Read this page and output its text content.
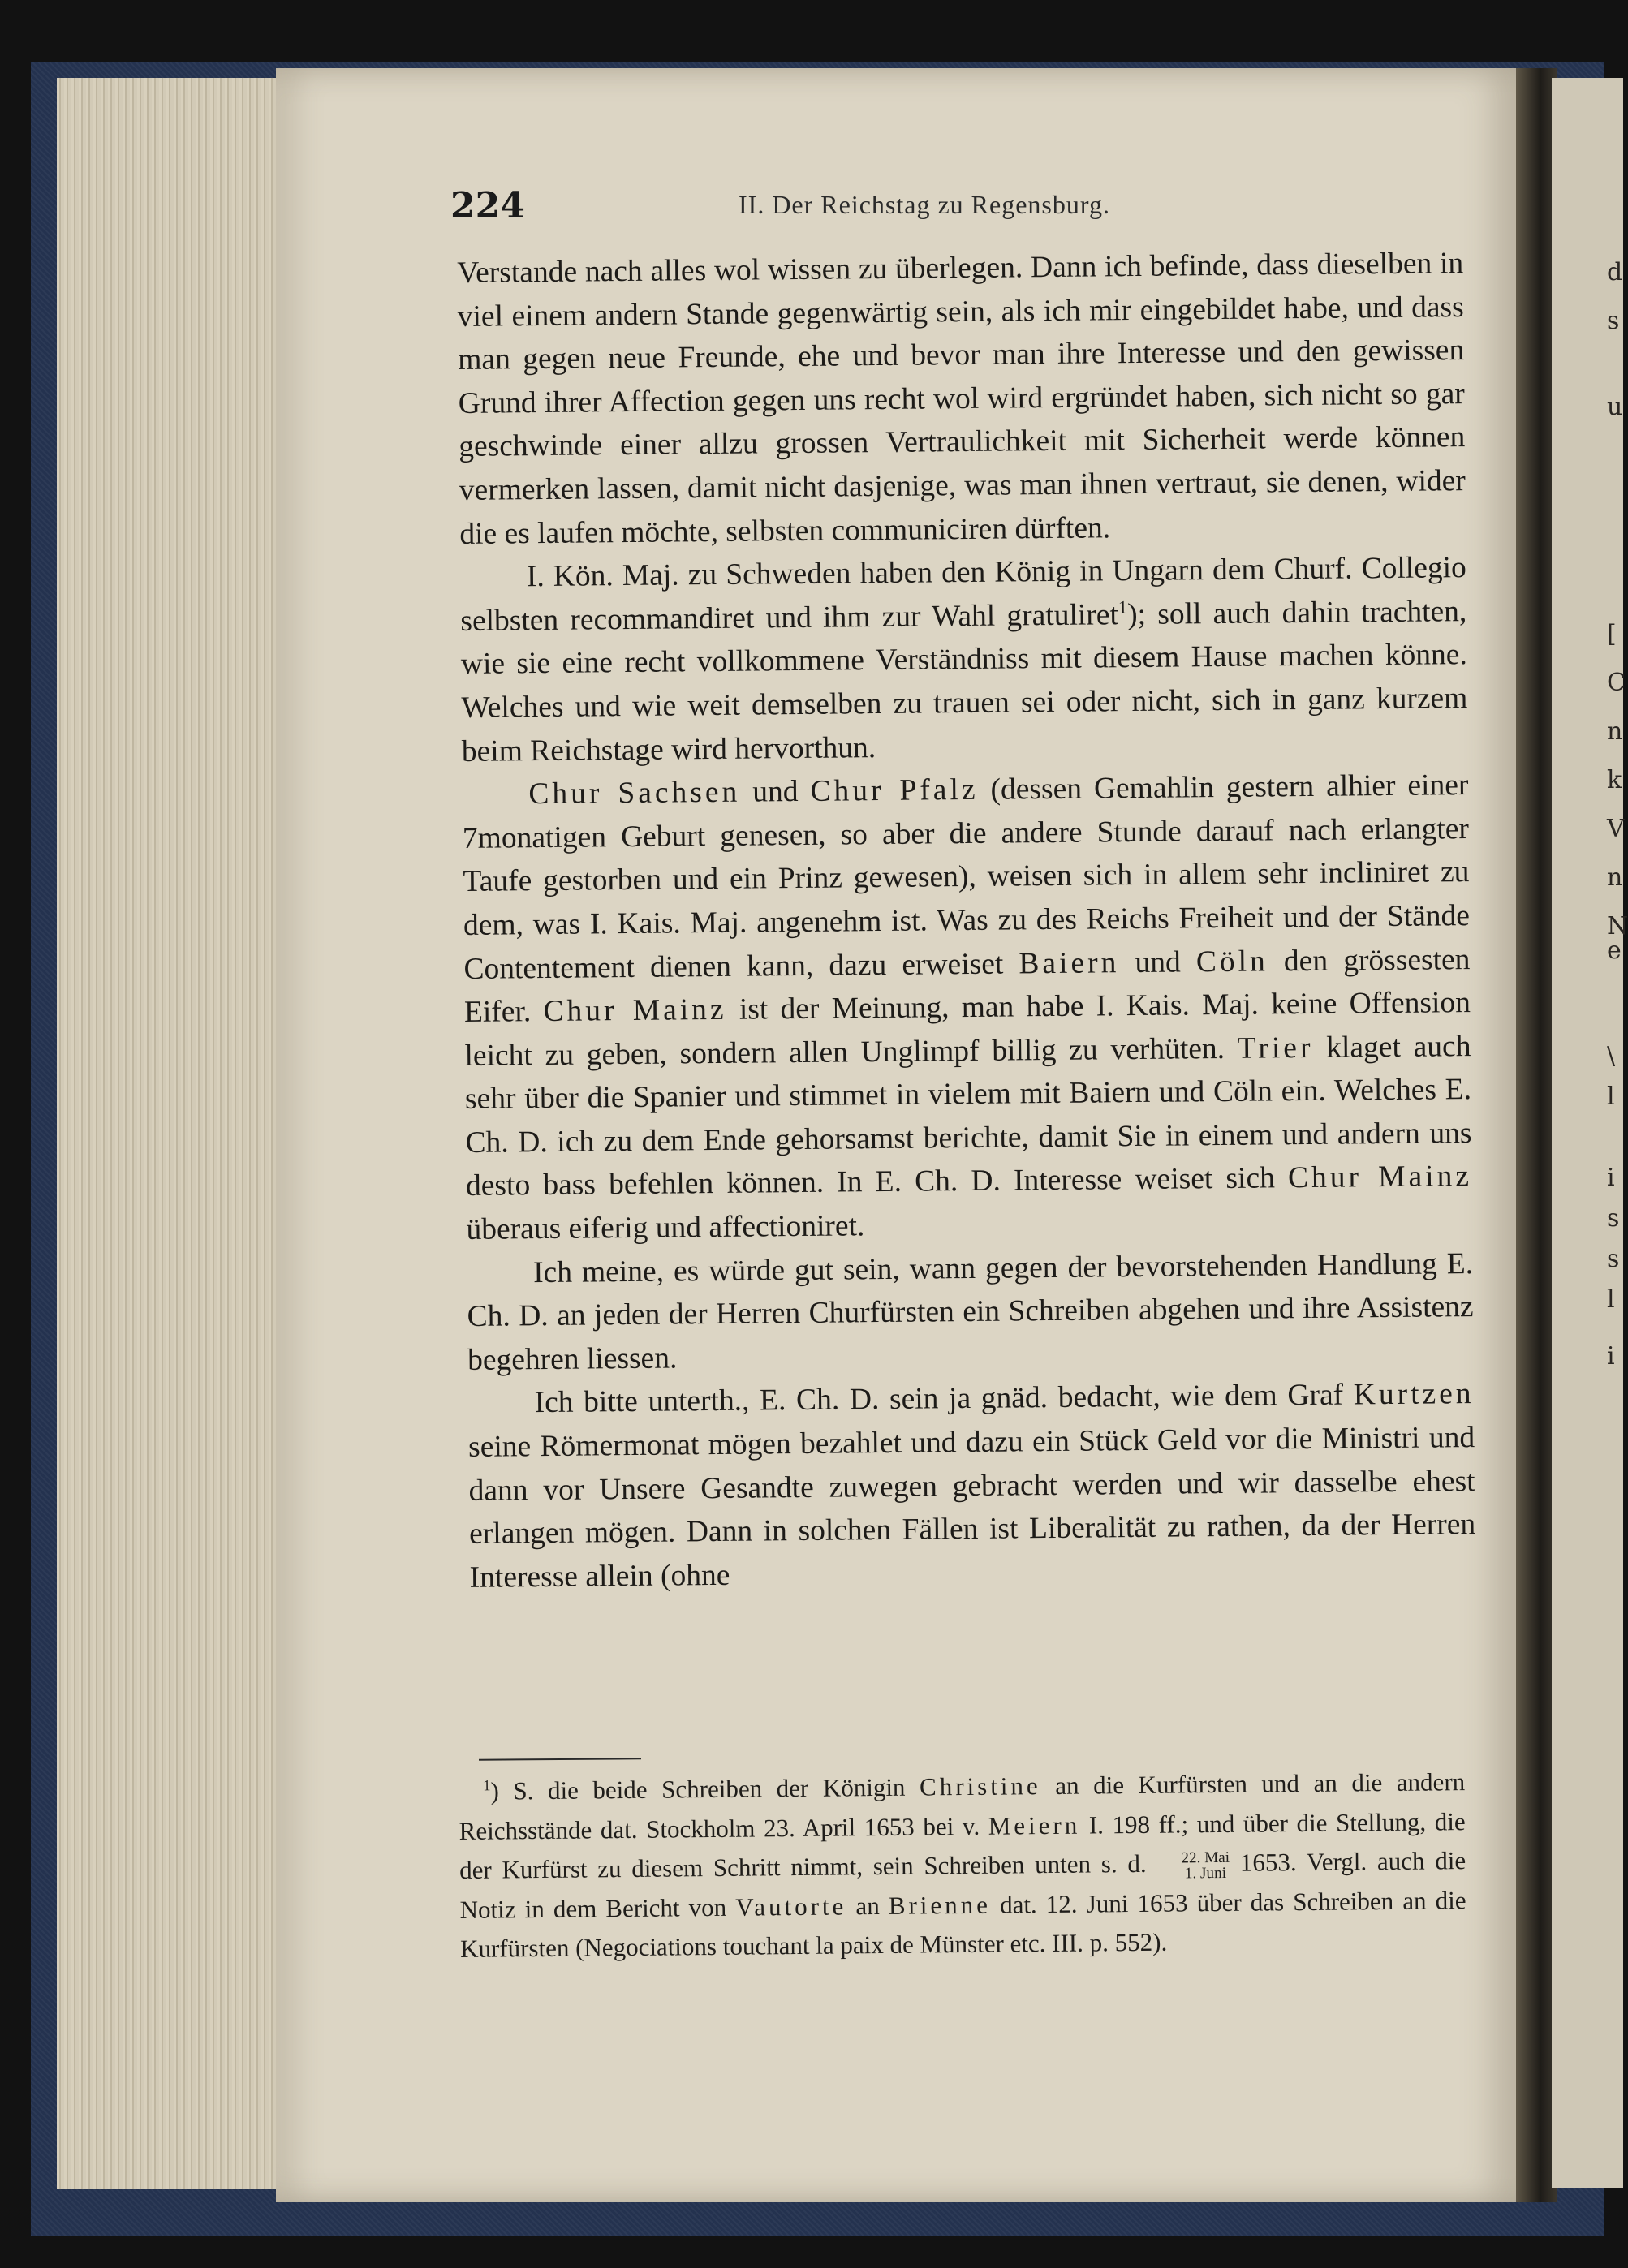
d
s
u
[
C
n
k
V
n
N
e
\
l
i
s
s
l
i
224	II. Der Reichstag zu Regensburg.

Verstande nach alles wol wissen zu überlegen. Dann ich befinde, dass dieselben in viel einem andern Stande gegenwärtig sein, als ich mir eingebildet habe, und dass man gegen neue Freunde, ehe und bevor man ihre Interesse und den gewissen Grund ihrer Affection gegen uns recht wol wird ergründet haben, sich nicht so gar geschwinde einer allzu grossen Vertraulichkeit mit Sicherheit werde können vermerken lassen, damit nicht dasjenige, was man ihnen vertraut, sie denen, wider die es laufen möchte, selbsten communiciren dürften.

I. Kön. Maj. zu Schweden haben den König in Ungarn dem Churf. Collegio selbsten recommandiret und ihm zur Wahl gratuliret$^1$); soll auch dahin trachten, wie sie eine recht vollkommene Verständniss mit diesem Hause machen könne. Welches und wie weit demselben zu trauen sei oder nicht, sich in ganz kurzem beim Reichstage wird hervorthun.

Chur Sachsen und Chur Pfalz (dessen Gemahlin gestern alhier einer 7monatigen Geburt genesen, so aber die andere Stunde darauf nach erlangter Taufe gestorben und ein Prinz gewesen), weisen sich in allem sehr incliniret zu dem, was I. Kais. Maj. angenehm ist. Was zu des Reichs Freiheit und der Stände Contentement dienen kann, dazu erweiset Baiern und Cöln den grössesten Eifer. Chur Mainz ist der Meinung, man habe I. Kais. Maj. keine Offension leicht zu geben, sondern allen Unglimpf billig zu verhüten. Trier klaget auch sehr über die Spanier und stimmet in vielem mit Baiern und Cöln ein. Welches E. Ch. D. ich zu dem Ende gehorsamst berichte, damit Sie in einem und andern uns desto bass befehlen können. In E. Ch. D. Interesse weiset sich Chur Mainz überaus eiferig und affectioniret.

Ich meine, es würde gut sein, wann gegen der bevorstehenden Handlung E. Ch. D. an jeden der Herren Churfürsten ein Schreiben abgehen und ihre Assistenz begehren liessen.

Ich bitte unterth., E. Ch. D. sein ja gnäd. bedacht, wie dem Graf Kurtzen seine Römermonat mögen bezahlet und dazu ein Stück Geld vor die Ministri und dann vor Unsere Gesandte zuwegen gebracht werden und wir dasselbe ehest erlangen mögen. Dann in solchen Fällen ist Liberalität zu rathen, da der Herren Interesse allein (ohne

$^1$) S. die beide Schreiben der Königin Christine an die Kurfürsten und an die andern Reichsstände dat. Stockholm 23. April 1653 bei v. Meiern I. 198 ff.; und über die Stellung, die der Kurfürst zu diesem Schritt nimmt, sein Schreiben unten s. d.	22. Mai
1. Juni 1653. Vergl. auch die Notiz in dem Bericht von Vautorte an Brienne dat. 12. Juni 1653 über das Schreiben an die Kurfürsten (Negociations touchant la paix de Münster etc. III. p. 552).
